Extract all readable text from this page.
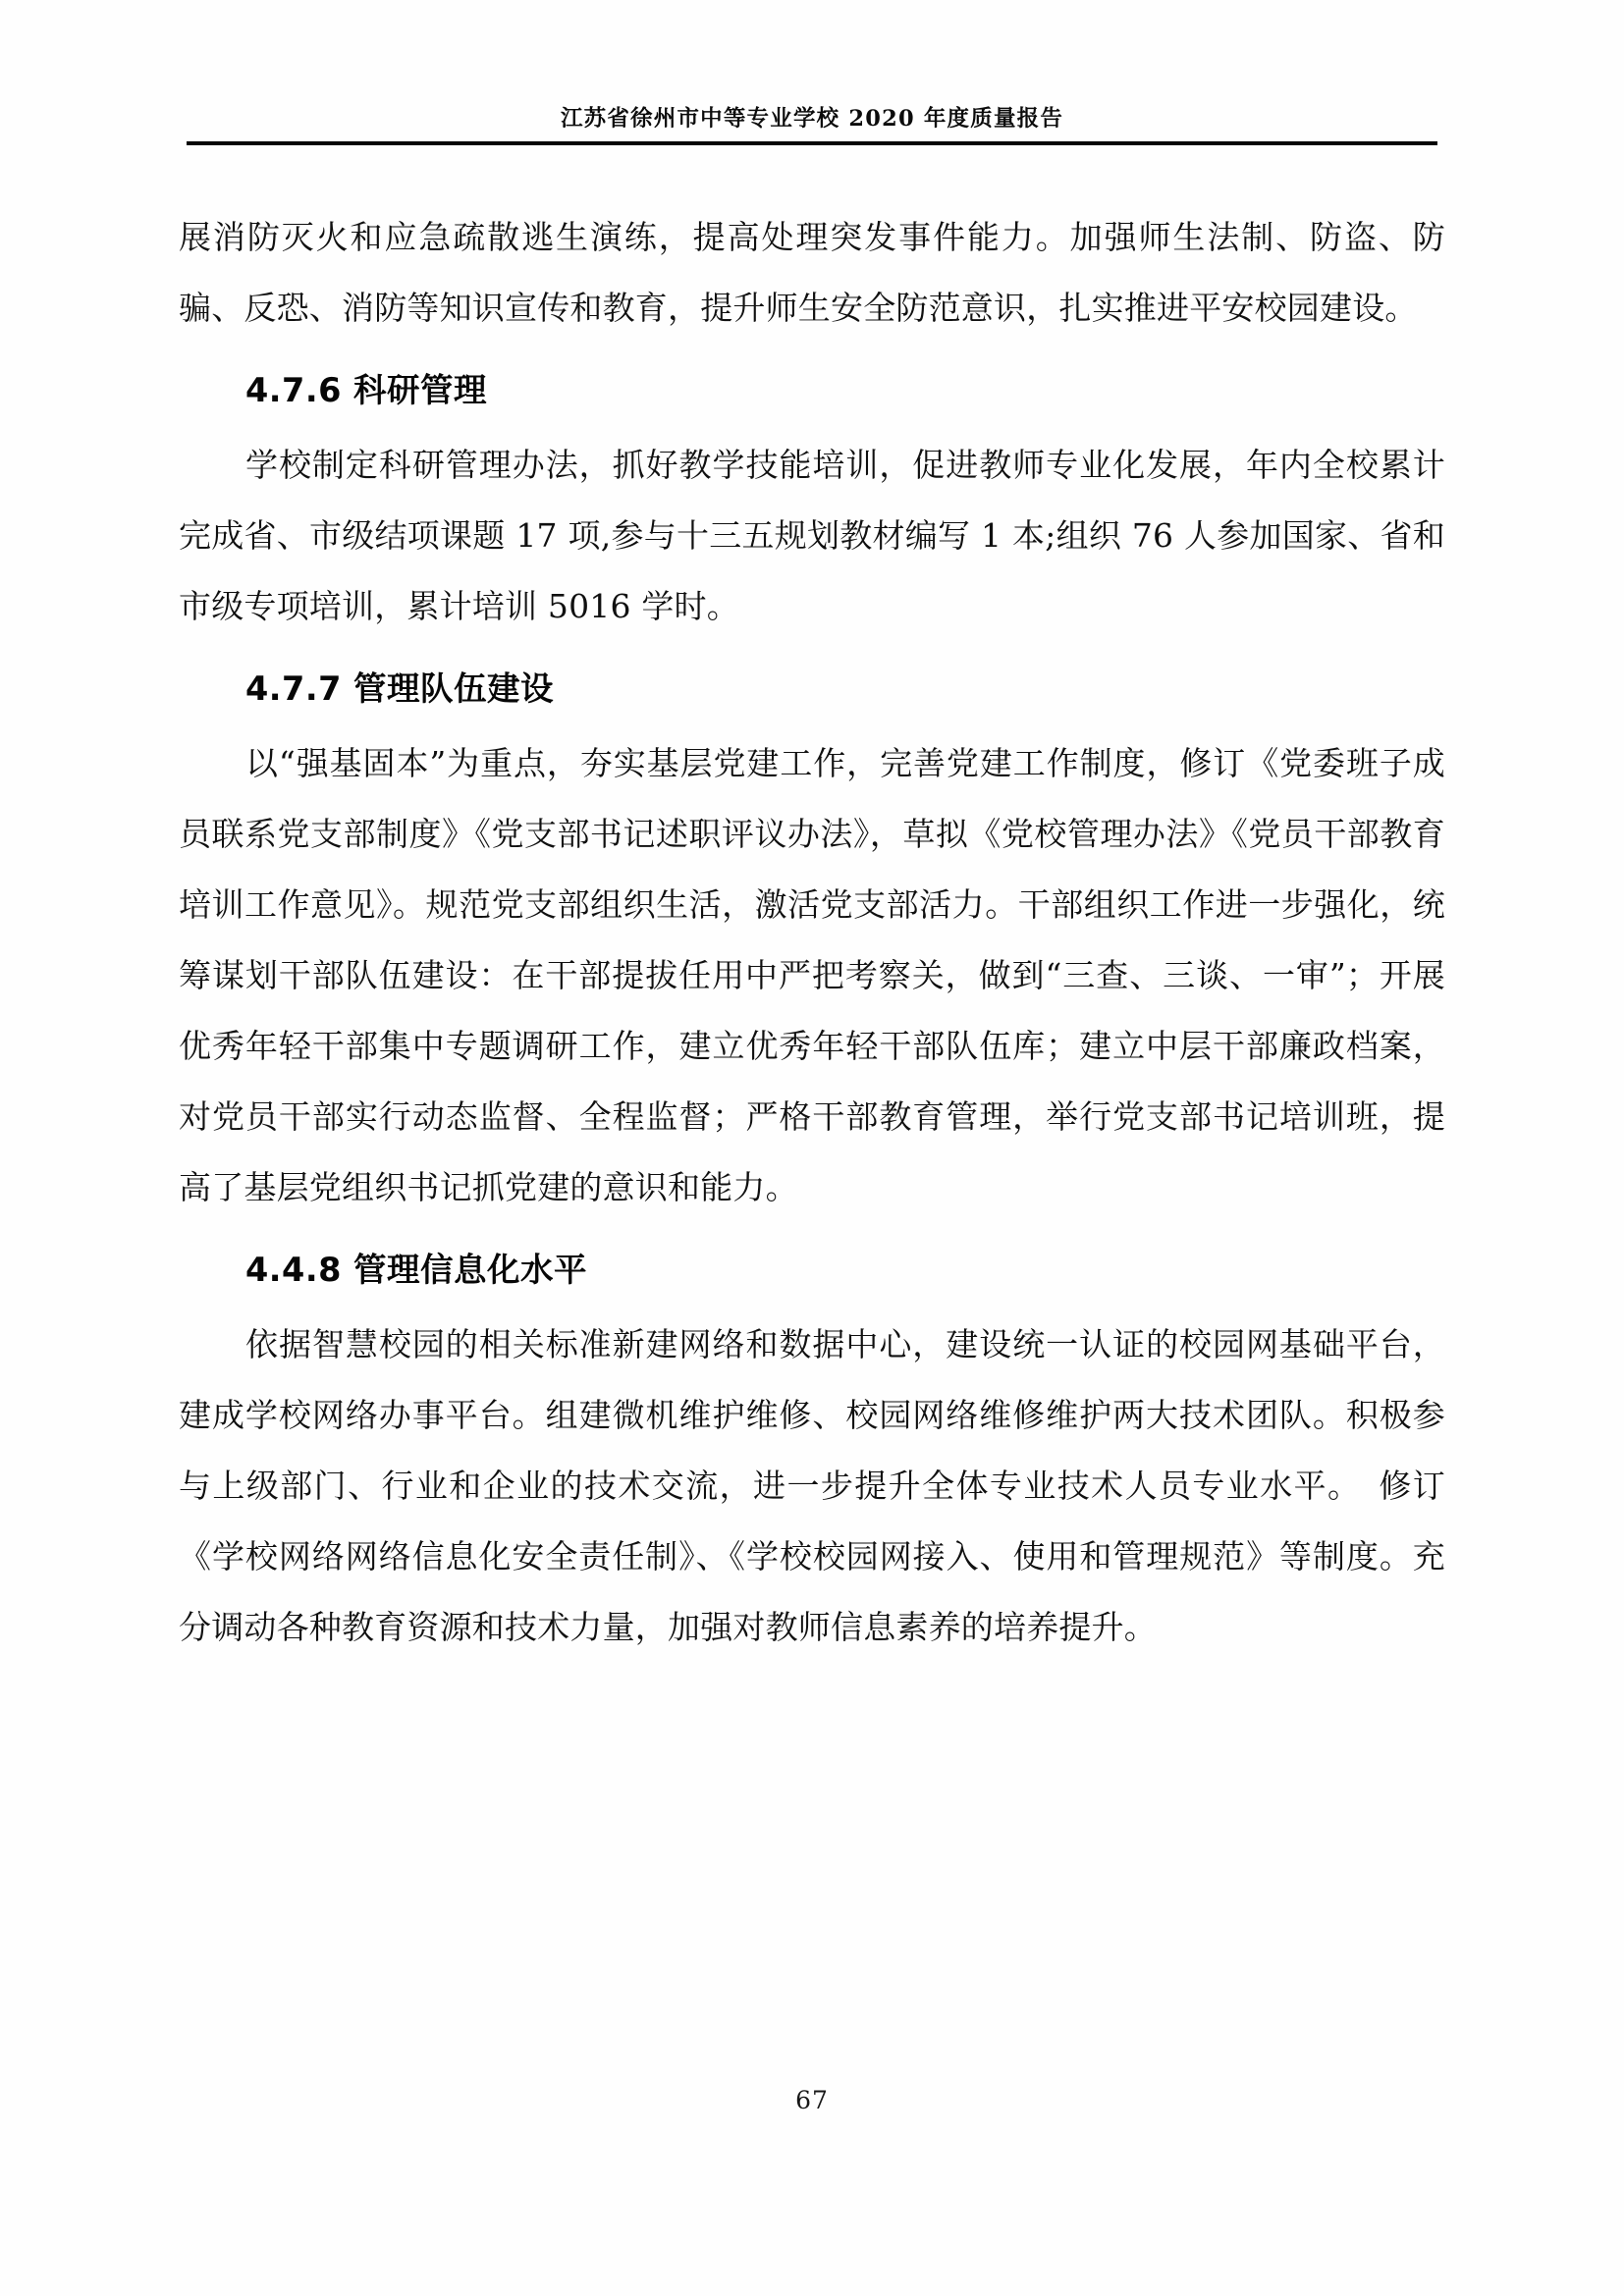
江苏省徐州市中等专业学校 2020 年度质量报告

展消防灭火和应急疏散逃生演练，提高处理突发事件能力。加强师生法制、防盗、防骗、反恐、消防等知识宣传和教育，提升师生安全防范意识，扎实推进平安校园建设。

4.7.6 科研管理

学校制定科研管理办法，抓好教学技能培训，促进教师专业化发展，年内全校累计完成省、市级结项课题 17 项,参与十三五规划教材编写 1 本;组织 76 人参加国家、省和市级专项培训，累计培训 5016 学时。

4.7.7 管理队伍建设

以“强基固本”为重点，夯实基层党建工作，完善党建工作制度，修订《党委班子成员联系党支部制度》《党支部书记述职评议办法》，草拟《党校管理办法》《党员干部教育培训工作意见》。规范党支部组织生活，激活党支部活力。干部组织工作进一步强化，统筹谋划干部队伍建设：在干部提拔任用中严把考察关，做到“三查、三谈、一审”；开展优秀年轻干部集中专题调研工作，建立优秀年轻干部队伍库；建立中层干部廉政档案，对党员干部实行动态监督、全程监督；严格干部教育管理，举行党支部书记培训班，提高了基层党组织书记抓党建的意识和能力。

4.4.8 管理信息化水平

依据智慧校园的相关标准新建网络和数据中心，建设统一认证的校园网基础平台，建成学校网络办事平台。组建微机维护维修、校园网络维修维护两大技术团队。积极参与上级部门、行业和企业的技术交流，进一步提升全体专业技术人员专业水平。　修订《学校网络网络信息化安全责任制》、《学校校园网接入、使用和管理规范》等制度。充分调动各种教育资源和技术力量，加强对教师信息素养的培养提升。

67
